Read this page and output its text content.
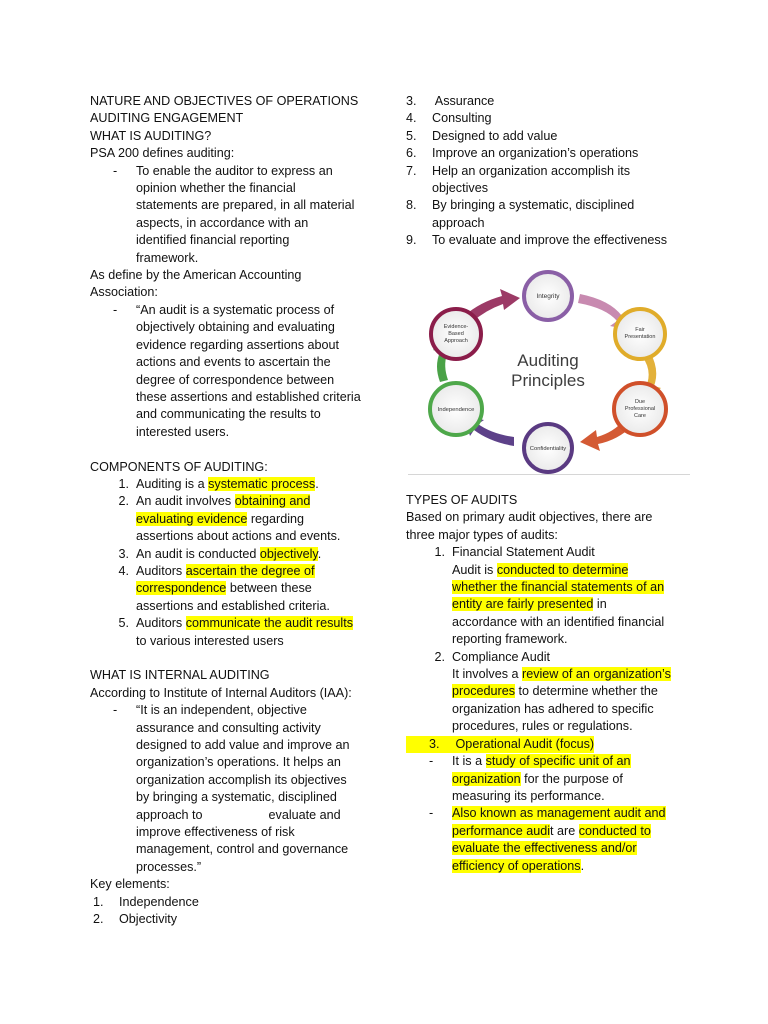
NATURE AND OBJECTIVES OF OPERATIONS
AUDITING ENGAGEMENT
WHAT IS AUDITING?
PSA 200 defines auditing:
-	To enable the auditor to express an
opinion whether the financial
statements are prepared, in all material
aspects, in accordance with an
identified financial reporting
framework.
As define by the American Accounting
Association:
-	“An audit is a systematic process of
objectively obtaining and evaluating
evidence regarding assertions about
actions and events to ascertain the
degree of correspondence between
these assertions and established criteria
and communicating the results to
interested users.
COMPONENTS OF AUDITING:
1. Auditing is a systematic process.
2. An audit involves obtaining and
evaluating evidence regarding
assertions about actions and events.
3. An audit is conducted objectively.
4. Auditors ascertain the degree of
correspondence between these
assertions and established criteria.
5. Auditors communicate the audit results
to various interested users
WHAT IS INTERNAL AUDITING
According to Institute of Internal Auditors (IAA):
-	“It is an independent, objective
assurance and consulting activity
designed to add value and improve an
organization’s operations. It helps an
organization accomplish its objectives
by bringing a systematic, disciplined
approach to	evaluate and
improve effectiveness of risk
management, control and governance
processes.”
Key elements:
1.	Independence
2.	Objectivity
3.	Assurance
4.	Consulting
5.	Designed to add value
6.	Improve an organization’s operations
7.	Help an organization accomplish its
objectives
8.	By bringing a systematic, disciplined
approach
9.	To evaluate and improve the effectiveness
Integrity
Fair
Presentation
Due
Professional
Care
Confidentiality
Independence
Evidence-
Based
Approach
Auditing
Principles
TYPES OF AUDITS
Based on primary audit objectives, there are
three major types of audits:
1. Financial Statement Audit
Audit is conducted to determine
whether the financial statements of an
entity are fairly presented in
accordance with an identified financial
reporting framework.
2. Compliance Audit
It involves a review of an organization’s
procedures to determine whether the
organization has adhered to specific
procedures, rules or regulations.
3. Operational Audit (focus)
-	It is a study of specific unit of an
organization for the purpose of
measuring its performance.
-	Also known as management audit and
performance audit are conducted to
evaluate the effectiveness and/or
efficiency of operations.
